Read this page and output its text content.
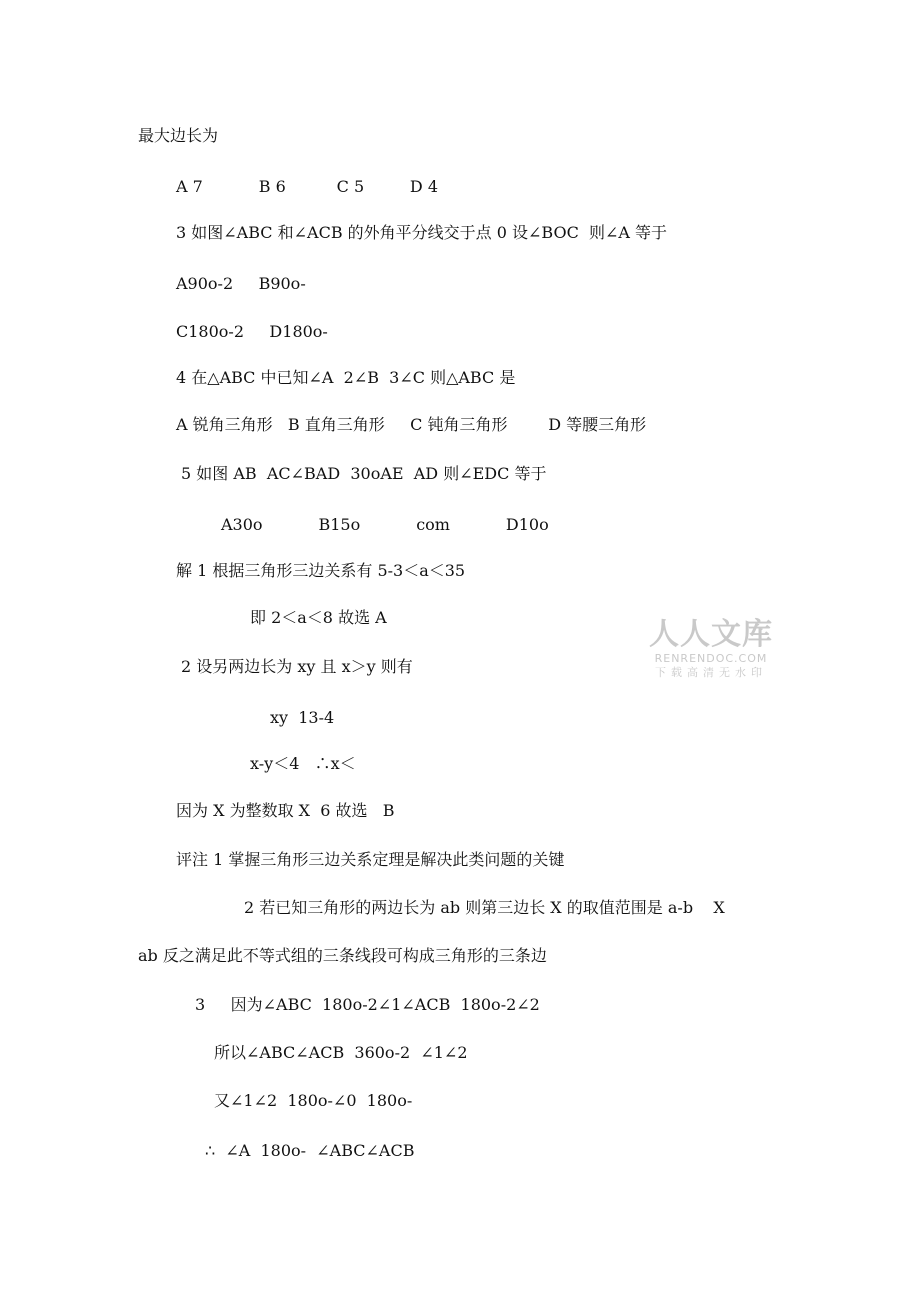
最大边长为
A 7           B 6          C 5         D 4
3 如图∠ABC 和∠ACB 的外角平分线交于点 0 设∠BOC  则∠A 等于
A90o-2     B90o-
C180o-2     D180o-
4 在△ABC 中已知∠A  2∠B  3∠C 则△ABC 是
A 锐角三角形   B 直角三角形     C 钝角三角形        D 等腰三角形
5 如图 AB  AC∠BAD  30oAE  AD 则∠EDC 等于
A30o           B15o           com           D10o
解 1 根据三角形三边关系有 5-3＜a＜35
即 2＜a＜8 故选 A
2 设另两边长为 xy 且 x＞y 则有
xy  13-4
x-y＜4   ∴x＜
因为 X 为整数取 X  6 故选   B
评注 1 掌握三角形三边关系定理是解决此类问题的关键
2 若已知三角形的两边长为 ab 则第三边长 X 的取值范围是 a-b    X
ab 反之满足此不等式组的三条线段可构成三角形的三条边
3     因为∠ABC  180o-2∠1∠ACB  180o-2∠2
所以∠ABC∠ACB  360o-2  ∠1∠2
又∠1∠2  180o-∠0  180o-
∴  ∠A  180o-  ∠ABC∠ACB
人人文库
RENRENDOC.COM
下载高清无水印
